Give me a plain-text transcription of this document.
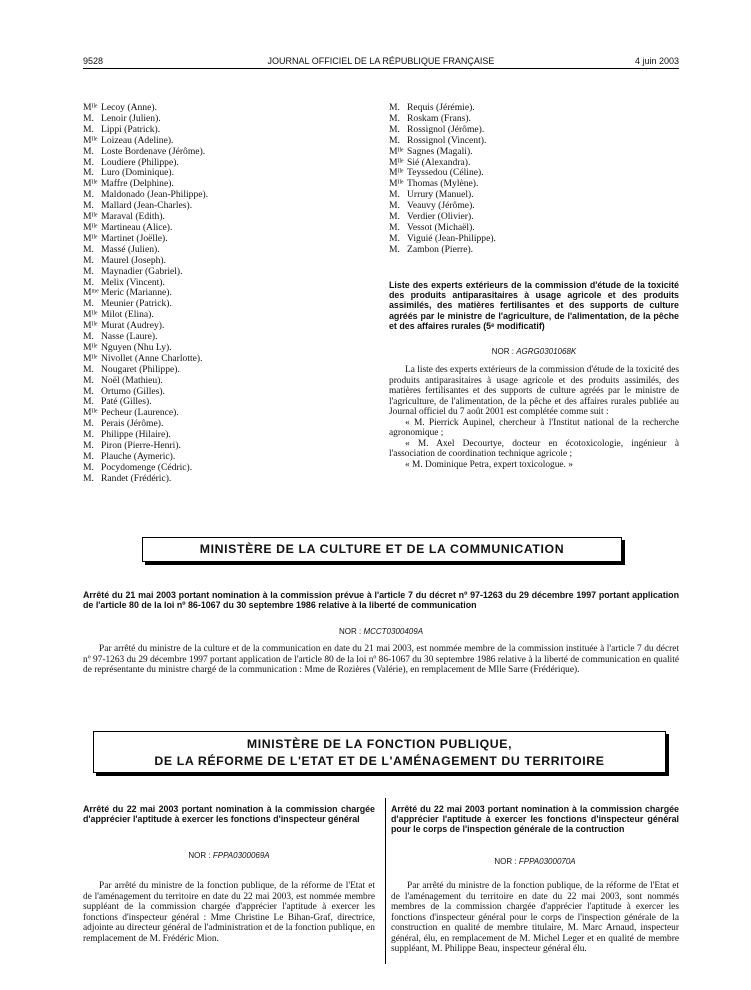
9528	JOURNAL OFFICIEL DE LA RÉPUBLIQUE FRANÇAISE	4 juin 2003
Mᴵˡᵉ Lecoy (Anne).
M. Lenoir (Julien).
M. Lippi (Patrick).
Mᴵˡᵉ Loizeau (Adeline).
M. Loste Bordenave (Jérôme).
M. Loudiere (Philippe).
M. Luro (Dominique).
Mᴵˡᵉ Maffre (Delphine).
M. Maldonado (Jean-Philippe).
M. Mallard (Jean-Charles).
Mᴵˡᵉ Maraval (Edith).
Mᴵˡᵉ Martineau (Alice).
Mᴵˡᵉ Martinet (Joëlle).
M. Massé (Julien).
M. Maurel (Joseph).
M. Maynadier (Gabriel).
M. Melix (Vincent).
Mᵐᵉ Meric (Marianne).
M. Meunier (Patrick).
Mᴵˡᵉ Milot (Elina).
Mᴵˡᵉ Murat (Audrey).
M. Nasse (Laure).
Mᴵˡᵉ Nguyen (Nhu Ly).
Mᴵˡᵉ Nivollet (Anne Charlotte).
M. Nougaret (Philippe).
M. Noël (Mathieu).
M. Ortumo (Gilles).
M. Paté (Gilles).
Mᴵˡᵉ Pecheur (Laurence).
M. Perais (Jérôme).
M. Philippe (Hilaire).
M. Piron (Pierre-Henri).
M. Plauche (Aymeric).
M. Pocydomenge (Cédric).
M. Randet (Frédéric).
M. Requis (Jérémie).
M. Roskam (Frans).
M. Rossignol (Jérôme).
M. Rossignol (Vincent).
Mᴵˡᵉ Sagnes (Magali).
Mᴵˡᵉ Sié (Alexandra).
Mᴵˡᵉ Teyssedou (Céline).
Mᴵˡᵉ Thomas (Mylène).
M. Urrury (Manuel).
M. Veauvy (Jérôme).
M. Verdier (Olivier).
M. Vessot (Michaël).
M. Viguié (Jean-Philippe).
M. Zambon (Pierre).
Liste des experts extérieurs de la commission d'étude de la toxicité des produits antiparasitaires à usage agricole et des produits assimilés, des matières fertilisantes et des supports de culture agréés par le ministre de l'agriculture, de l'alimentation, de la pêche et des affaires rurales (5ᵉ modificatif)
NOR : AGRG0301068K

La liste des experts extérieurs de la commission d'étude de la toxicité des produits antiparasitaires à usage agricole et des produits assimilés, des matières fertilisantes et des supports de culture agréés par le ministre de l'agriculture, de l'alimentation, de la pêche et des affaires rurales publiée au Journal officiel du 7 août 2001 est complétée comme suit :

« M. Pierrick Aupinel, chercheur à l'Institut national de la recherche agronomique ;

« M. Axel Decourtye, docteur en écotoxicologie, ingénieur à l'association de coordination technique agricole ;

« M. Dominique Petra, expert toxicologue. »

MINISTÈRE DE LA CULTURE ET DE LA COMMUNICATION
Arrêté du 21 mai 2003 portant nomination à la commission prévue à l'article 7 du décret nº 97-1263 du 29 décembre 1997 portant application de l'article 80 de la loi nº 86-1067 du 30 septembre 1986 relative à la liberté de communication
NOR : MCCT0300409A

Par arrêté du ministre de la culture et de la communication en date du 21 mai 2003, est nommée membre de la commission instituée à l'article 7 du décret nº 97-1263 du 29 décembre 1997 portant application de l'article 80 de la loi nº 86-1067 du 30 septembre 1986 relative à la liberté de communication en qualité de représentante du ministre chargé de la communication : Mme de Rozières (Valérie), en remplacement de Mlle Sarre (Frédérique).

MINISTÈRE DE LA FONCTION PUBLIQUE,
DE LA RÉFORME DE L'ETAT ET DE L'AMÉNAGEMENT DU TERRITOIRE
Arrêté du 22 mai 2003 portant nomination à la commission chargée d'apprécier l'aptitude à exercer les fonctions d'inspecteur général
NOR : FPPA0300069A

Par arrêté du ministre de la fonction publique, de la réforme de l'Etat et de l'aménagement du territoire en date du 22 mai 2003, est nommée membre suppléant de la commission chargée d'apprécier l'aptitude à exercer les fonctions d'inspecteur général : Mme Christine Le Bihan-Graf, directrice, adjointe au directeur général de l'administration et de la fonction publique, en remplacement de M. Frédéric Mion.

Arrêté du 22 mai 2003 portant nomination à la commission chargée d'apprécier l'aptitude à exercer les fonctions d'inspecteur général pour le corps de l'inspection générale de la contruction
NOR : FPPA0300070A

Par arrêté du ministre de la fonction publique, de la réforme de l'Etat et de l'aménagement du territoire en date du 22 mai 2003, sont nommés membres de la commission chargée d'apprécier l'aptitude à exercer les fonctions d'inspecteur général pour le corps de l'inspection générale de la construction en qualité de membre titulaire, M. Marc Arnaud, inspecteur général, élu, en remplacement de M. Michel Leger et en qualité de membre suppléant, M. Philippe Beau, inspecteur général élu.
